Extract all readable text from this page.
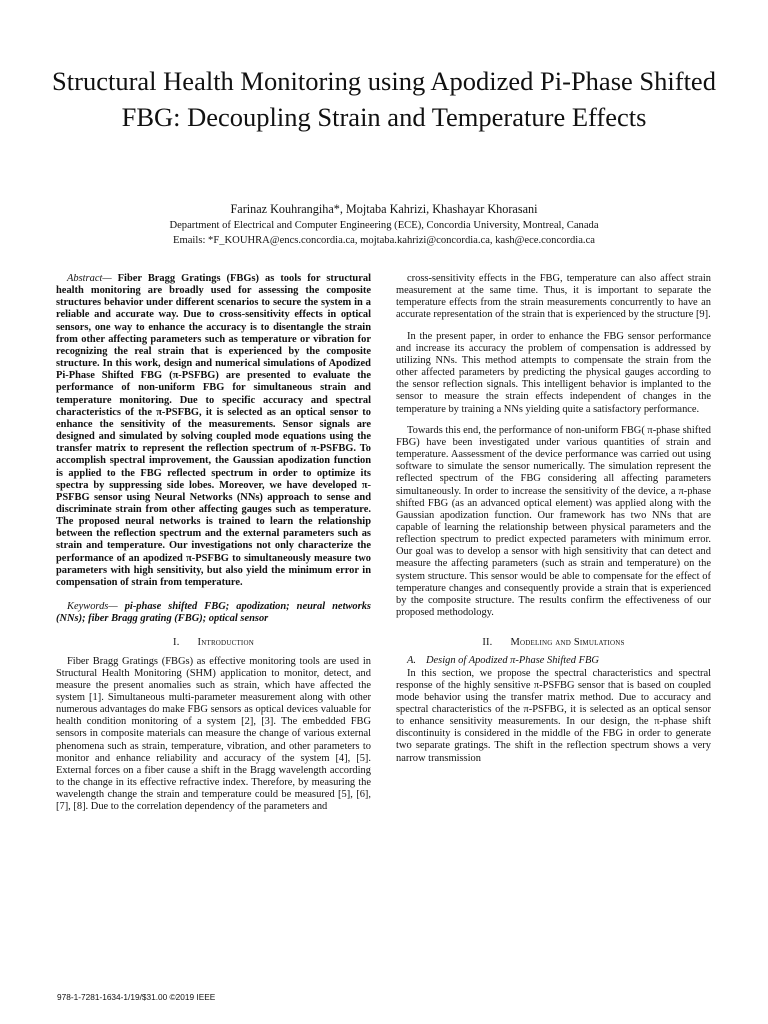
Structural Health Monitoring using Apodized Pi-Phase Shifted FBG: Decoupling Strain and Temperature Effects
Farinaz Kouhrangiha*, Mojtaba Kahrizi, Khashayar Khorasani
Department of Electrical and Computer Engineering (ECE), Concordia University, Montreal, Canada
Emails: *F_KOUHRA@encs.concordia.ca, mojtaba.kahrizi@concordia.ca, kash@ece.concordia.ca

Abstract— Fiber Bragg Gratings (FBGs) as tools for structural health monitoring are broadly used for assessing the composite structures behavior under different scenarios to secure the system in a reliable and accurate way. Due to cross-sensitivity effects in optical sensors, one way to enhance the accuracy is to disentangle the strain from other affecting parameters such as temperature or vibration for recognizing the real strain that is experienced by the composite structure. In this work, design and numerical simulations of Apodized Pi-Phase Shifted FBG (π-PSFBG) are presented to evaluate the performance of non-uniform FBG for simultaneous strain and temperature monitoring. Due to specific accuracy and spectral characteristics of the π-PSFBG, it is selected as an optical sensor to enhance the sensitivity of the measurements. Sensor signals are designed and simulated by solving coupled mode equations using the transfer matrix to represent the reflection spectrum of π-PSFBG. To accomplish spectral improvement, the Gaussian apodization function is applied to the FBG reflected spectrum in order to optimize its spectra by suppressing side lobes. Moreover, we have developed π-PSFBG sensor using Neural Networks (NNs) approach to sense and discriminate strain from other affecting gauges such as temperature. The proposed neural networks is trained to learn the relationship between the reflection spectrum and the external parameters such as strain and temperature. Our investigations not only characterize the performance of an apodized π-PSFBG to simultaneously measure two parameters with high sensitivity, but also yield the minimum error in compensation of strain from temperature.

Keywords— pi-phase shifted FBG; apodization; neural networks (NNs); fiber Bragg grating (FBG); optical sensor

I. Introduction

Fiber Bragg Gratings (FBGs) as effective monitoring tools are used in Structural Health Monitoring (SHM) application to monitor, detect, and measure the present anomalies such as strain, which have affected the system [1]. Simultaneous multi-parameter measurement along with other numerous advantages do make FBG sensors as optical devices valuable for health condition monitoring of a system [2], [3]. The embedded FBG sensors in composite materials can measure the change of various external phenomena such as strain, temperature, vibration, and other parameters to monitor and enhance reliability and accuracy of the system [4], [5]. External forces on a fiber cause a shift in the Bragg wavelength according to the change in its effective refractive index. Therefore, by measuring the wavelength change the strain and temperature could be measured [5], [6], [7], [8]. Due to the correlation dependency of the parameters and

cross-sensitivity effects in the FBG, temperature can also affect strain measurement at the same time. Thus, it is important to separate the temperature effects from the strain measurements concurrently to have an accurate representation of the strain that is experienced by the structure [9].

In the present paper, in order to enhance the FBG sensor performance and increase its accuracy the problem of compensation is addressed by utilizing NNs. This method attempts to compensate the strain from the other affected parameters by predicting the physical gauges according to the sensor reflection signals. This intelligent behavior is implanted to the sensor to measure the strain effects independent of changes in the temperature by training a NNs yielding quite a satisfactory performance.

Towards this end, the performance of non-uniform FBG( π-phase shifted FBG) have been investigated under various quantities of strain and temperature. Aassessment of the device performance was carried out using software to simulate the sensor numerically. The simulation represent the reflected spectrum of the FBG considering all affecting parameters simultaneously. In order to increase the sensitivity of the device, a π-phase shifted FBG (as an advanced optical element) was applied along with the Gaussian apodization function. Our framework has two NNs that are capable of learning the relationship between physical parameters and the reflection spectrum to predict expected parameters with minimum error. Our goal was to develop a sensor with high sensitivity that can detect and measure the affecting parameters (such as strain and temperature) on the system structure. This sensor would be able to compensate for the effect of temperature changes and consequently provide a strain that is experienced by the composite structure. The results confirm the effectiveness of our proposed methodology.

II. Modeling and Simulations

A. Design of Apodized π-Phase Shifted FBG

In this section, we propose the spectral characteristics and spectral response of the highly sensitive π-PSFBG sensor that is based on coupled mode behavior using the transfer matrix method. Due to accuracy and spectral characteristics of the π-PSFBG, it is selected as an optical sensor to enhance sensitivity measurements. In our design, the π-phase shift discontinuity is considered in the middle of the FBG in order to generate two separate gratings. The shift in the reflection spectrum shows a very narrow transmission

978-1-7281-1634-1/19/$31.00 ©2019 IEEE
